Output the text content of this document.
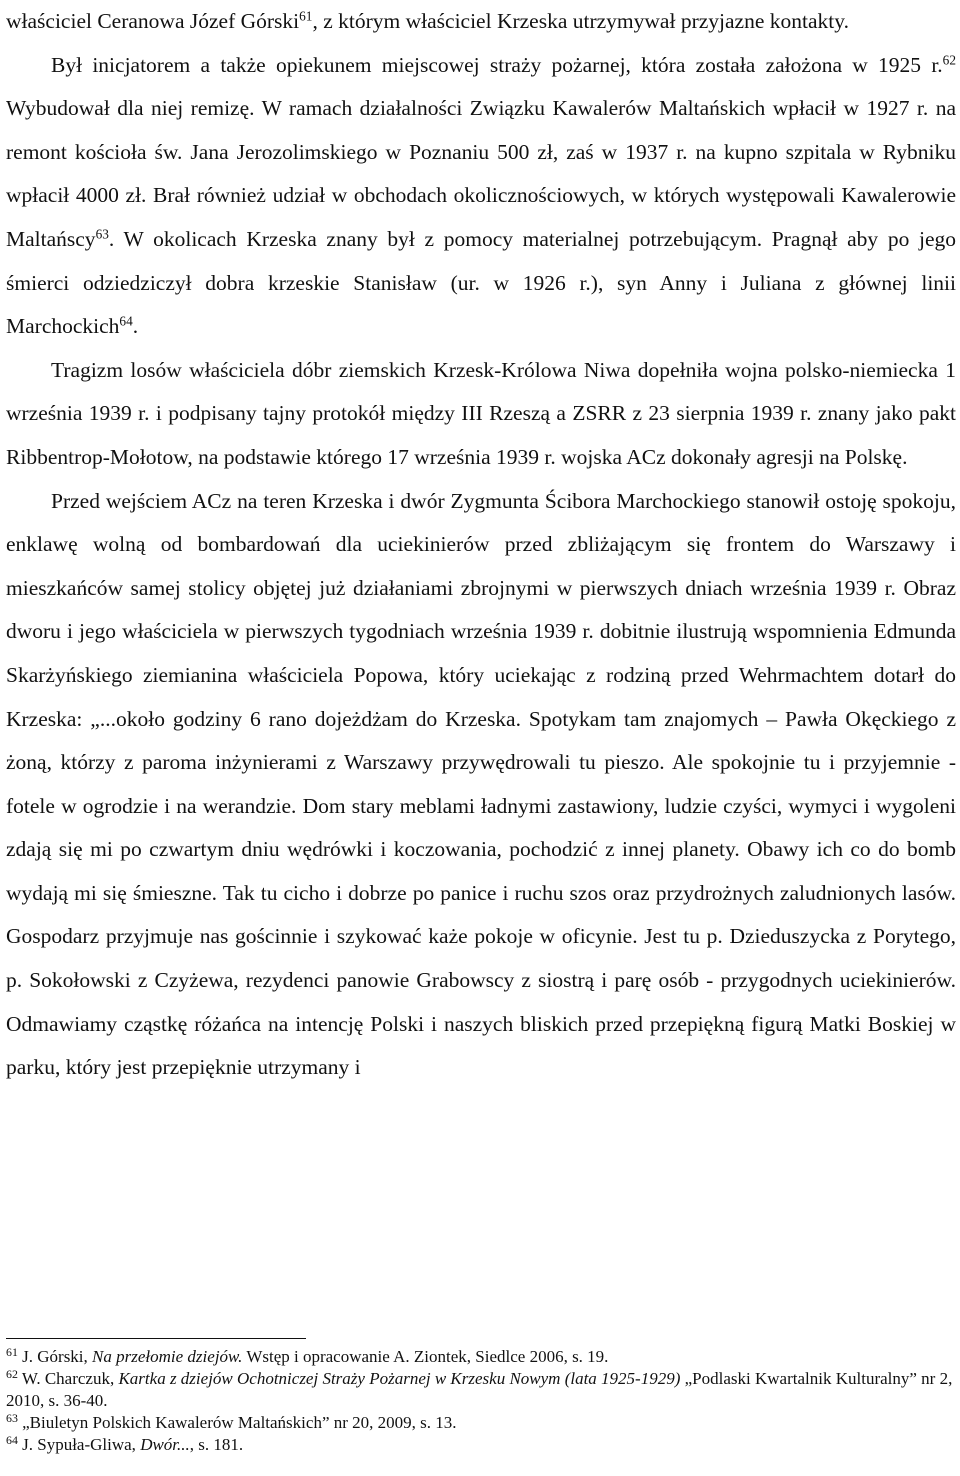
właściciel Ceranowa Józef Górski$^{61}$, z którym właściciel Krzeska utrzymywał przyjazne kontakty.

Był inicjatorem a także opiekunem miejscowej straży pożarnej, która została założona w 1925 r.$^{62}$ Wybudował dla niej remizę. W ramach działalności Związku Kawalerów Maltańskich wpłacił w 1927 r. na remont kościoła św. Jana Jerozolimskiego w Poznaniu 500 zł, zaś w 1937 r. na kupno szpitala w Rybniku wpłacił 4000 zł. Brał również udział w obchodach okolicznościowych, w których występowali Kawalerowie Maltańscy$^{63}$. W okolicach Krzeska znany był z pomocy materialnej potrzebującym. Pragnął aby po jego śmierci odziedziczył dobra krzeskie Stanisław (ur. w 1926 r.), syn Anny i Juliana z głównej linii Marchockich$^{64}$.

Tragizm losów właściciela dóbr ziemskich Krzesk-Królowa Niwa dopełniła wojna polsko-niemiecka 1 września 1939 r. i podpisany tajny protokół między III Rzeszą a ZSRR z 23 sierpnia 1939 r. znany jako pakt Ribbentrop-Mołotow, na podstawie którego 17 września 1939 r. wojska ACz dokonały agresji na Polskę.

Przed wejściem ACz na teren Krzeska i dwór Zygmunta Ścibora Marchockiego stanowił ostoję spokoju, enklawę wolną od bombardowań dla uciekinierów przed zbliżającym się frontem do Warszawy i mieszkańców samej stolicy objętej już działaniami zbrojnymi w pierwszych dniach września 1939 r. Obraz dworu i jego właściciela w pierwszych tygodniach września 1939 r. dobitnie ilustrują wspomnienia Edmunda Skarżyńskiego ziemianina właściciela Popowa, który uciekając z rodziną przed Wehrmachtem dotarł do Krzeska: „...około godziny 6 rano dojeżdżam do Krzeska. Spotykam tam znajomych – Pawła Okęckiego z żoną, którzy z paroma inżynierami z Warszawy przywędrowali tu pieszo. Ale spokojnie tu i przyjemnie - fotele w ogrodzie i na werandzie. Dom stary meblami ładnymi zastawiony, ludzie czyści, wymyci i wygoleni zdają się mi po czwartym dniu wędrówki i koczowania, pochodzić z innej planety. Obawy ich co do bomb wydają mi się śmieszne. Tak tu cicho i dobrze po panice i ruchu szos oraz przydrożnych zaludnionych lasów. Gospodarz przyjmuje nas gościnnie i szykować każe pokoje w oficynie. Jest tu p. Dzieduszycka z Porytego, p. Sokołowski z Czyżewa, rezydenci panowie Grabowscy z siostrą i parę osób - przygodnych uciekinierów. Odmawiamy cząstkę różańca na intencję Polski i naszych bliskich przed przepiękną figurą Matki Boskiej w parku, który jest przepięknie utrzymany i

$^{61}$ J. Górski, Na przełomie dziejów. Wstęp i opracowanie A. Ziontek, Siedlce 2006, s. 19.
$^{62}$ W. Charczuk, Kartka z dziejów Ochotniczej Straży Pożarnej w Krzesku Nowym (lata 1925-1929) „Podlaski Kwartalnik Kulturalny” nr 2, 2010, s. 36-40.
$^{63}$ „Biuletyn Polskich Kawalerów Maltańskich” nr 20, 2009, s. 13.
$^{64}$ J. Sypuła-Gliwa, Dwór..., s. 181.
